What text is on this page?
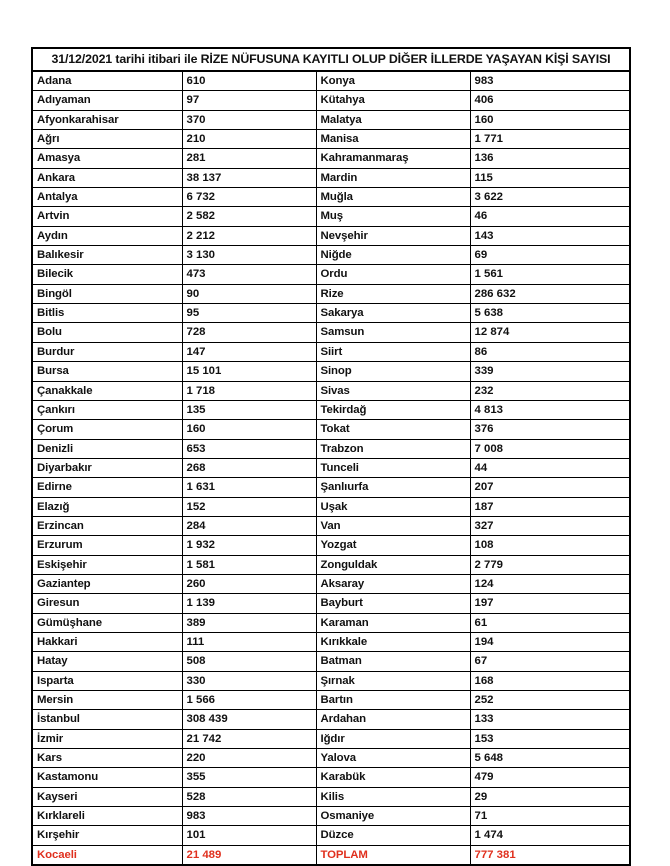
31/12/2021 tarihi itibari ile RİZE NÜFUSUNA KAYITLI OLUP DİĞER İLLERDE YAŞAYAN KİŞİ SAYISI			
Adana	610	Konya	983
Adıyaman	97	Kütahya	406
Afyonkarahisar	370	Malatya	160
Ağrı	210	Manisa	1 771
Amasya	281	Kahramanmaraş	136
Ankara	38 137	Mardin	115
Antalya	6 732	Muğla	3 622
Artvin	2 582	Muş	46
Aydın	2 212	Nevşehir	143
Balıkesir	3 130	Niğde	69
Bilecik	473	Ordu	1 561
Bingöl	90	Rize	286 632
Bitlis	95	Sakarya	5 638
Bolu	728	Samsun	12 874
Burdur	147	Siirt	86
Bursa	15 101	Sinop	339
Çanakkale	1 718	Sivas	232
Çankırı	135	Tekirdağ	4 813
Çorum	160	Tokat	376
Denizli	653	Trabzon	7 008
Diyarbakır	268	Tunceli	44
Edirne	1 631	Şanlıurfa	207
Elazığ	152	Uşak	187
Erzincan	284	Van	327
Erzurum	1 932	Yozgat	108
Eskişehir	1 581	Zonguldak	2 779
Gaziantep	260	Aksaray	124
Giresun	1 139	Bayburt	197
Gümüşhane	389	Karaman	61
Hakkari	111	Kırıkkale	194
Hatay	508	Batman	67
Isparta	330	Şırnak	168
Mersin	1 566	Bartın	252
İstanbul	308 439	Ardahan	133
İzmir	21 742	Iğdır	153
Kars	220	Yalova	5 648
Kastamonu	355	Karabük	479
Kayseri	528	Kilis	29
Kırklareli	983	Osmaniye	71
Kırşehir	101	Düzce	1 474
Kocaeli	21 489	TOPLAM	777 381
